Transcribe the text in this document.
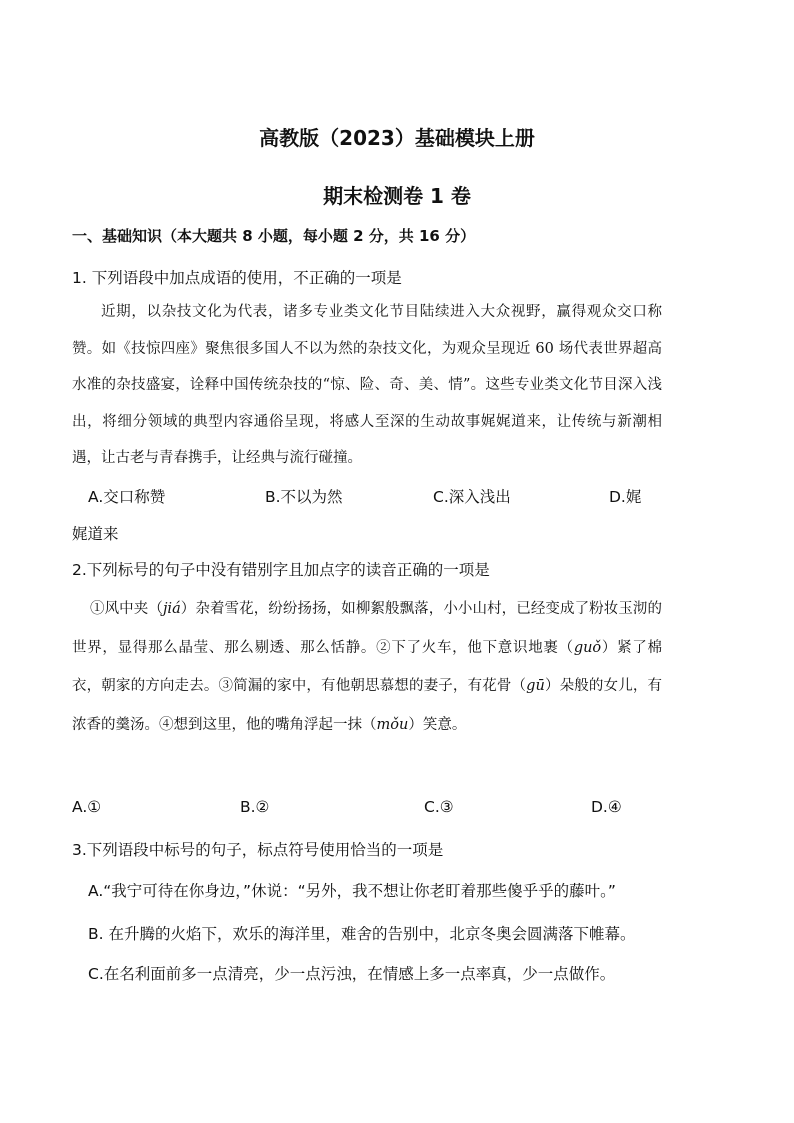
高教版（2023）基础模块上册
期末检测卷 1 卷
一、基础知识（本大题共 8 小题，每小题 2 分，共 16 分）
1. 下列语段中加点成语的使用，不正确的一项是
近期，以杂技文化为代表，诸多专业类文化节目陆续进入大众视野，赢得观众交口称赞。如《技惊四座》聚焦很多国人不以为然的杂技文化，为观众呈现近 60 场代表世界超高水准的杂技盛宴，诠释中国传统杂技的“惊、险、奇、美、情”。这些专业类文化节目深入浅出，将细分领域的典型内容通俗呈现，将感人至深的生动故事娓娓道来，让传统与新潮相遇，让古老与青春携手，让经典与流行碰撞。
A.交口称赞	B.不以为然	C.深入浅出	D.娓
娓道来
2.下列标号的句子中没有错别字且加点字的读音正确的一项是
①风中夹（jiá）杂着雪花，纷纷扬扬，如柳絮般飘落，小小山村，已经变成了粉妆玉沏的世界，显得那么晶莹、那么剔透、那么恬静。②下了火车，他下意识地裹（guǒ）紧了棉衣，朝家的方向走去。③简漏的家中，有他朝思慕想的妻子，有花骨（gū）朵般的女儿，有浓香的羹汤。④想到这里，他的嘴角浮起一抹（mǒu）笑意。
A.①	B.②	C.③	D.④
3.下列语段中标号的句子，标点符号使用恰当的一项是
A.“我宁可待在你身边，”休说：“另外，我不想让你老盯着那些傻乎乎的藤叶。”
B. 在升腾的火焰下，欢乐的海洋里，难舍的告别中，北京冬奥会圆满落下帷幕。
C.在名利面前多一点清亮，少一点污浊，在情感上多一点率真，少一点做作。
